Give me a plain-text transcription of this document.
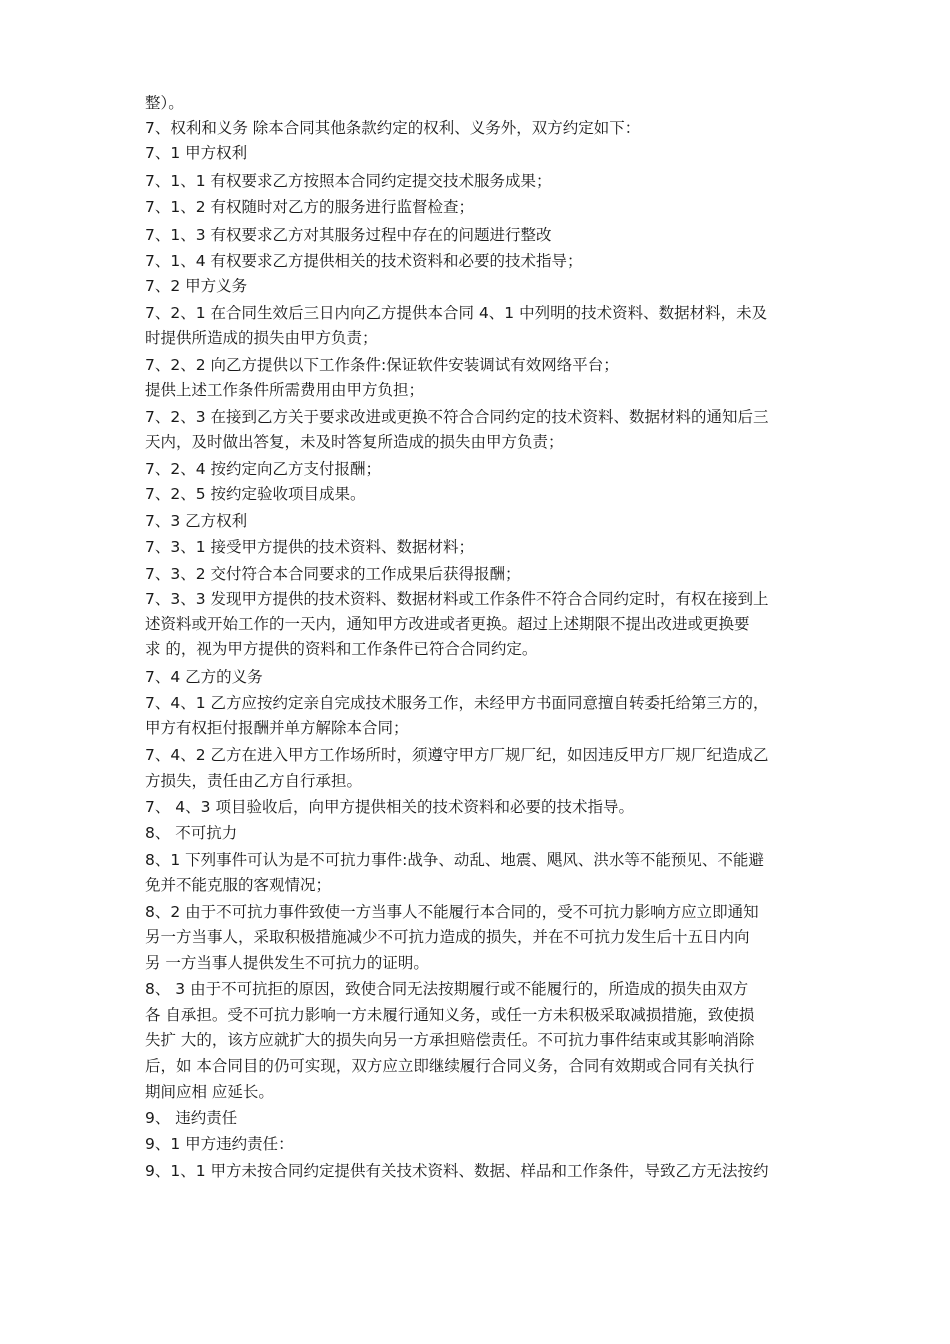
整）。
7、权利和义务 除本合同其他条款约定的权利、义务外，双方约定如下：
7、1 甲方权利
7、1、1 有权要求乙方按照本合同约定提交技术服务成果；
7、1、2 有权随时对乙方的服务进行监督检查；
7、1、3 有权要求乙方对其服务过程中存在的问题进行整改
7、1、4 有权要求乙方提供相关的技术资料和必要的技术指导；
7、2 甲方义务
7、2、1 在合同生效后三日内向乙方提供本合同 4、1 中列明的技术资料、数据材料，未及
时提供所造成的损失由甲方负责；
7、2、2 向乙方提供以下工作条件:保证软件安装调试有效网络平台；
提供上述工作条件所需费用由甲方负担；
7、2、3 在接到乙方关于要求改进或更换不符合合同约定的技术资料、数据材料的通知后三
天内，及时做出答复，未及时答复所造成的损失由甲方负责；
7、2、4 按约定向乙方支付报酬；
7、2、5 按约定验收项目成果。
7、3 乙方权利
7、3、1 接受甲方提供的技术资料、数据材料；
7、3、2 交付符合本合同要求的工作成果后获得报酬；
7、3、3 发现甲方提供的技术资料、数据材料或工作条件不符合合同约定时，有权在接到上
述资料或开始工作的一天内，通知甲方改进或者更换。超过上述期限不提出改进或更换要
求 的，视为甲方提供的资料和工作条件已符合合同约定。
7、4 乙方的义务
7、4、1 乙方应按约定亲自完成技术服务工作，未经甲方书面同意擅自转委托给第三方的，
甲方有权拒付报酬并单方解除本合同；
7、4、2 乙方在进入甲方工作场所时，须遵守甲方厂规厂纪，如因违反甲方厂规厂纪造成乙
方损失，责任由乙方自行承担。
7、 4、3 项目验收后，向甲方提供相关的技术资料和必要的技术指导。
8、 不可抗力
8、1 下列事件可认为是不可抗力事件:战争、动乱、地震、飓风、洪水等不能预见、不能避
免并不能克服的客观情况；
8、2 由于不可抗力事件致使一方当事人不能履行本合同的，受不可抗力影响方应立即通知
另一方当事人，采取积极措施减少不可抗力造成的损失，并在不可抗力发生后十五日内向
另 一方当事人提供发生不可抗力的证明。
8、 3 由于不可抗拒的原因，致使合同无法按期履行或不能履行的，所造成的损失由双方
各 自承担。受不可抗力影响一方未履行通知义务，或任一方未积极采取减损措施，致使损
失扩 大的，该方应就扩大的损失向另一方承担赔偿责任。不可抗力事件结束或其影响消除
后，如 本合同目的仍可实现，双方应立即继续履行合同义务，合同有效期或合同有关执行
期间应相 应延长。
9、 违约责任
9、1 甲方违约责任：
9、1、1 甲方未按合同约定提供有关技术资料、数据、样品和工作条件，导致乙方无法按约
